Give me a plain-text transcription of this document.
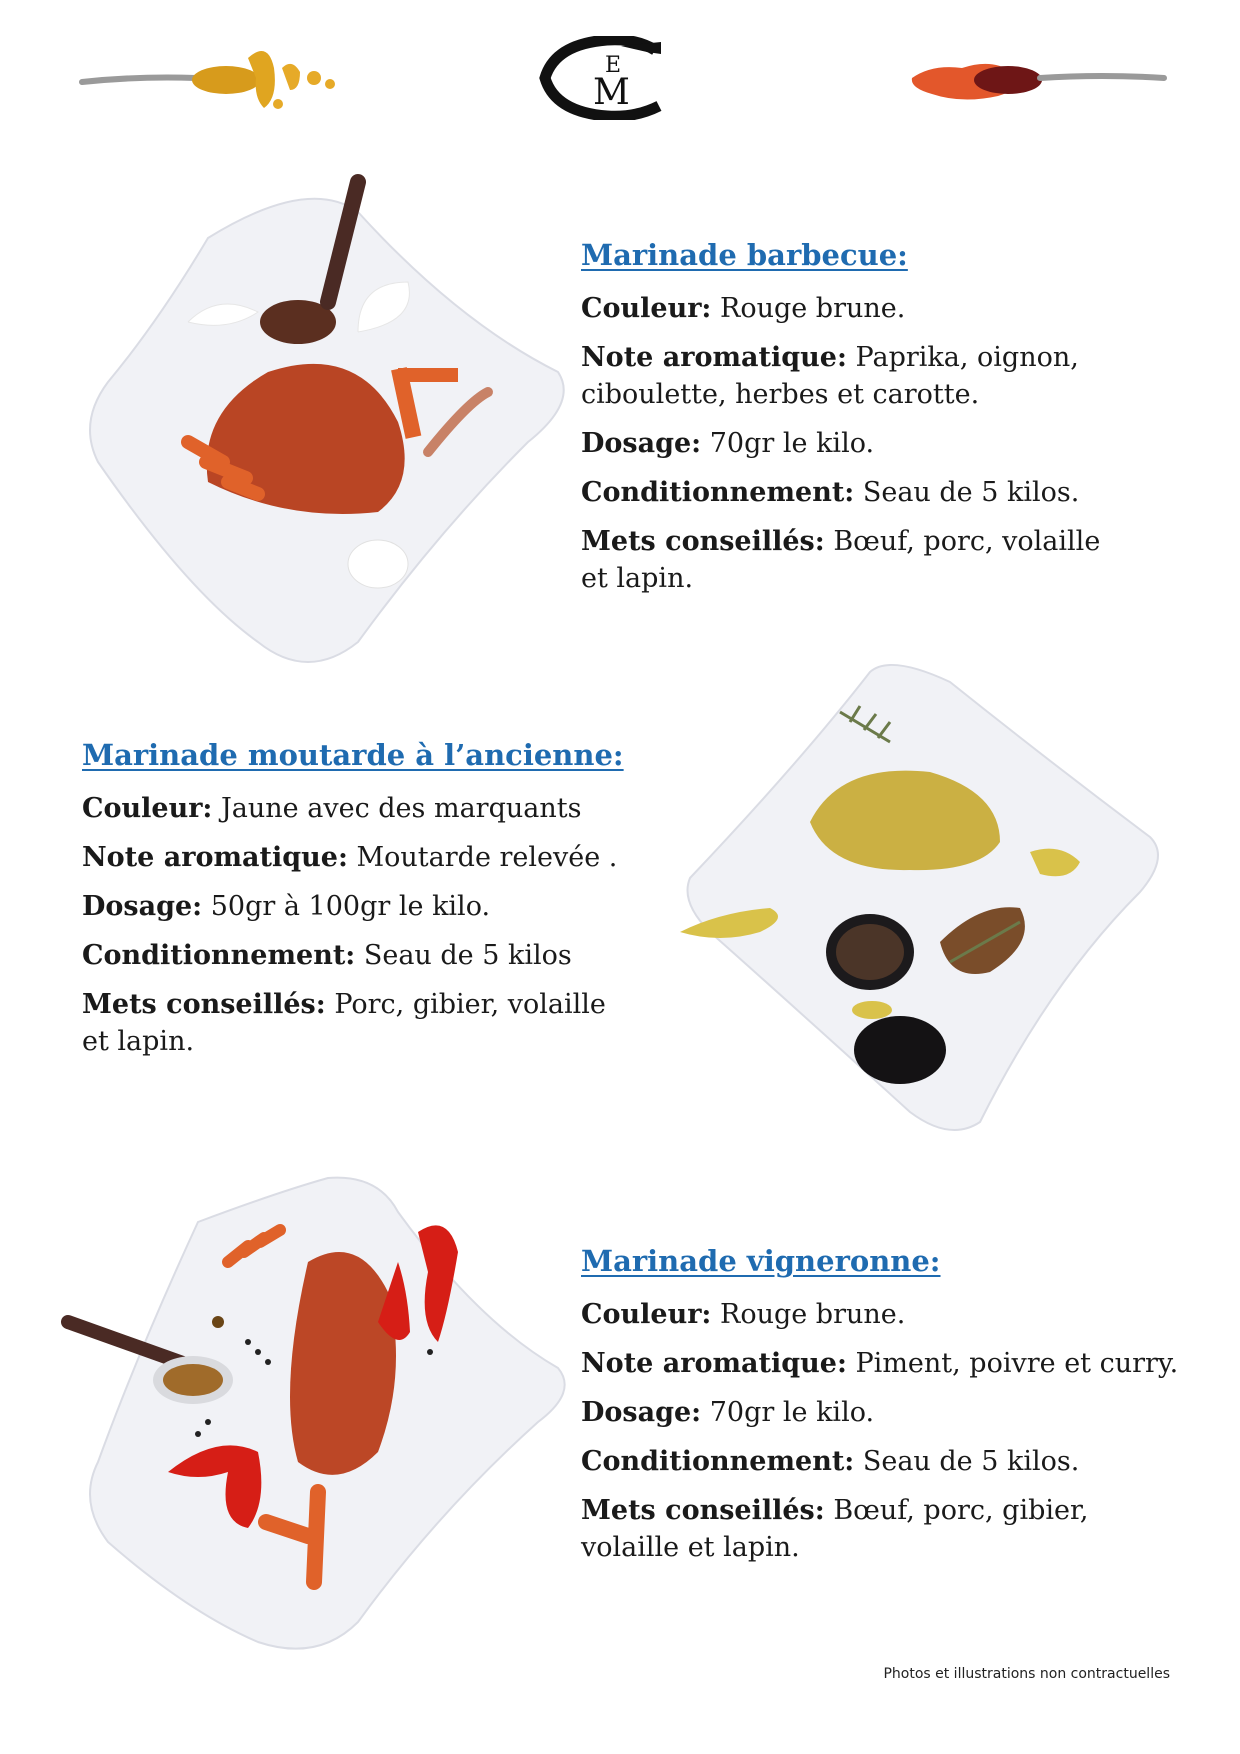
E
M
Marinade barbecue:

Couleur: Rouge brune.

Note aromatique: Paprika, oignon, ciboulette, herbes et carotte.

Dosage: 70gr le kilo.

Conditionnement: Seau de 5 kilos.

Mets conseillés: Bœuf, porc, volaille et lapin.

Marinade moutarde à l’ancienne:

Couleur: Jaune avec des marquants

Note aromatique: Moutarde relevée .

Dosage: 50gr à 100gr le kilo.

Conditionnement: Seau de 5 kilos

Mets conseillés: Porc, gibier, volaille et lapin.

Marinade vigneronne:

Couleur: Rouge brune.

Note aromatique: Piment, poivre et curry.

Dosage: 70gr le kilo.

Conditionnement: Seau de 5 kilos.

Mets conseillés: Bœuf, porc, gibier, volaille et lapin.

Photos et illustrations non contractuelles
